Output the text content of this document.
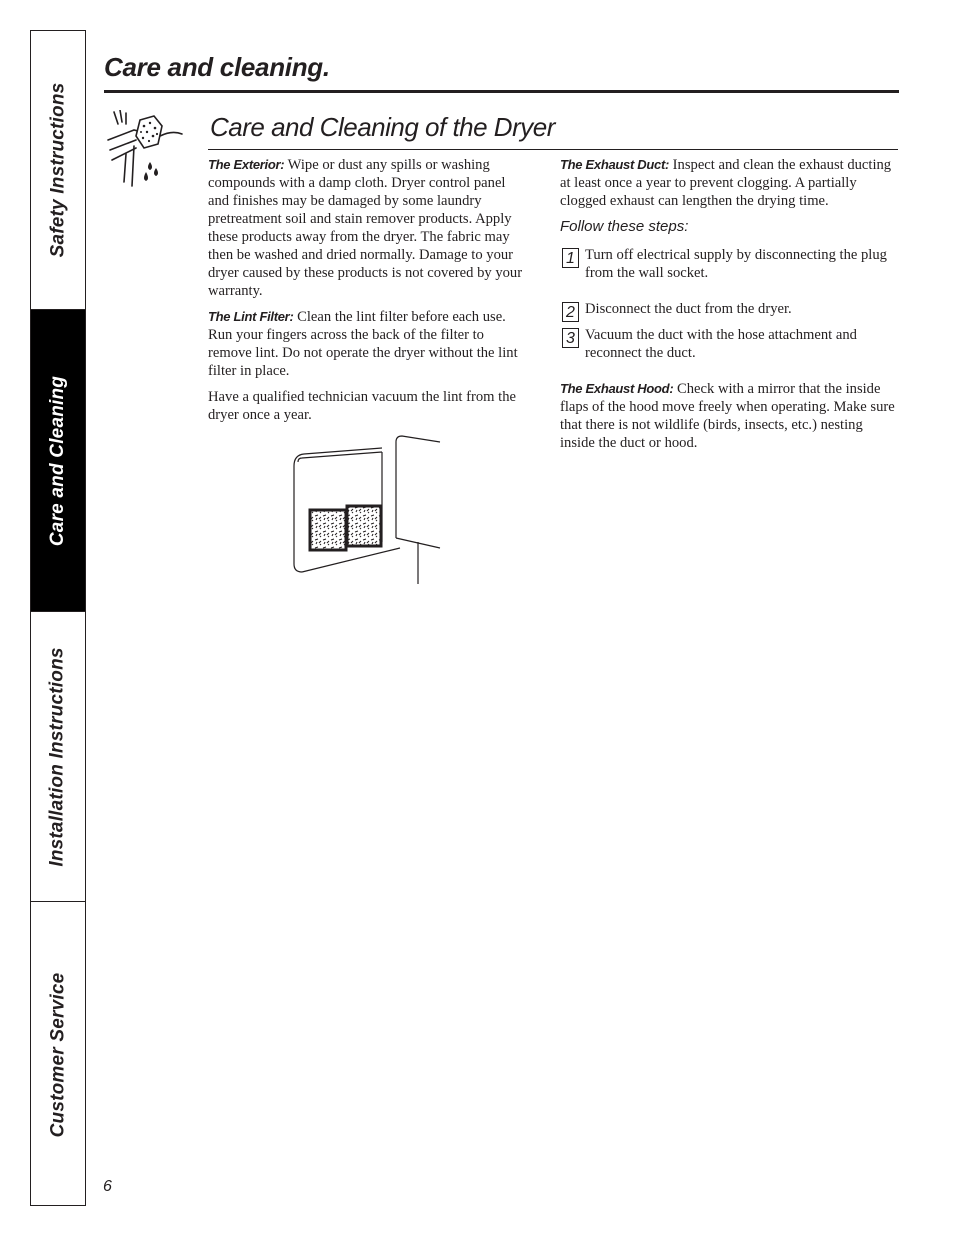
Safety Instructions
Care and Cleaning
Installation Instructions
Customer Service
Care and cleaning.
Care and Cleaning of the Dryer

The Exterior: Wipe or dust any spills or washing compounds with a damp cloth. Dryer control panel and finishes may be damaged by some laundry pretreatment soil and stain remover products. Apply these products away from the dryer. The fabric may then be washed and dried normally. Damage to your dryer caused by these products is not covered by your warranty.

The Lint Filter: Clean the lint filter before each use. Run your fingers across the back of the filter to remove lint. Do not operate the dryer without the lint filter in place.

Have a qualified technician vacuum the lint from the dryer once a year.

The Exhaust Duct: Inspect and clean the exhaust ducting at least once a year to prevent clogging. A partially clogged exhaust can lengthen the drying time.

Follow these steps:

1 Turn off electrical supply by disconnecting the plug from the wall socket.
2 Disconnect the duct from the dryer.
3 Vacuum the duct with the hose attachment and reconnect the duct.

The Exhaust Hood: Check with a mirror that the inside flaps of the hood move freely when operating. Make sure that there is not wildlife (birds, insects, etc.) nesting inside the duct or hood.

6
